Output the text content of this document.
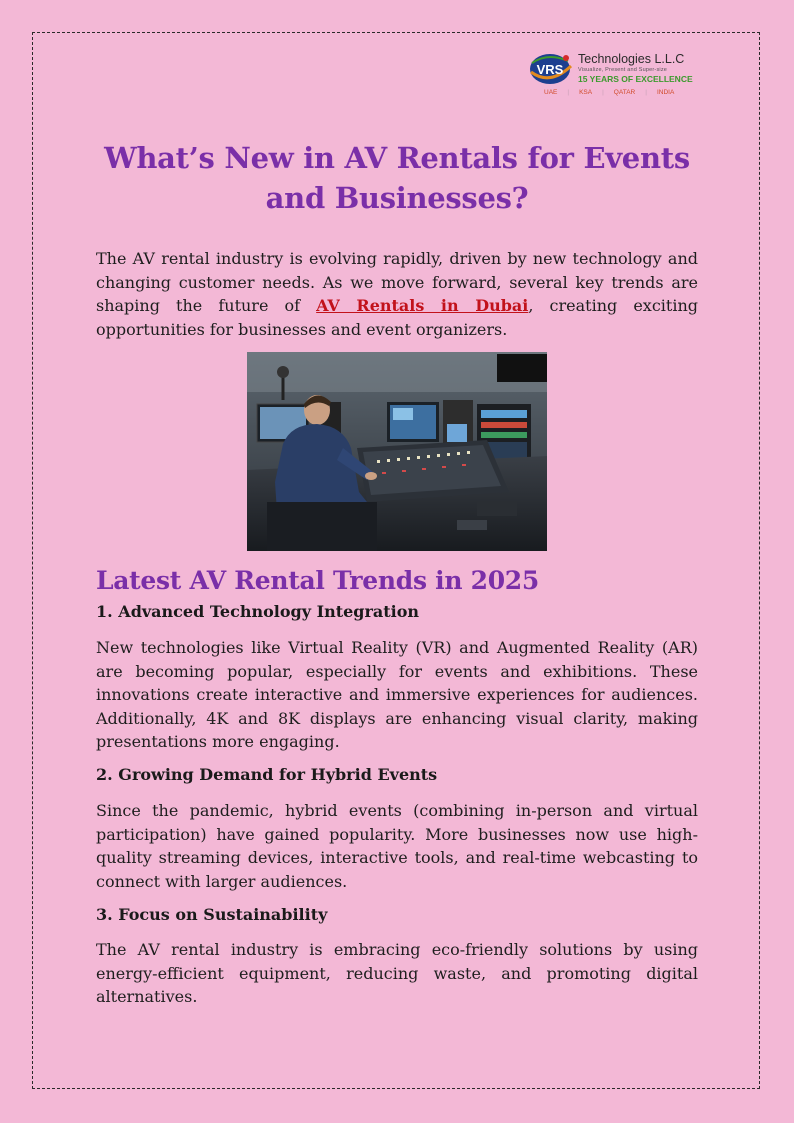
VRS
Technologies L.L.C
Visualize, Present and Super-size
15 YEARS OF EXCELLENCE
UAE | KSA | QATAR | INDIA
What’s New in AV Rentals for Events and Businesses?

The AV rental industry is evolving rapidly, driven by new technology and changing customer needs. As we move forward, several key trends are shaping the future of AV Rentals in Dubai, creating exciting opportunities for businesses and event organizers.

Latest AV Rental Trends in 2025
1. Advanced Technology Integration

New technologies like Virtual Reality (VR) and Augmented Reality (AR) are becoming popular, especially for events and exhibitions. These innovations create interactive and immersive experiences for audiences. Additionally, 4K and 8K displays are enhancing visual clarity, making presentations more engaging.

2. Growing Demand for Hybrid Events

Since the pandemic, hybrid events (combining in-person and virtual participation) have gained popularity. More businesses now use high-quality streaming devices, interactive tools, and real-time webcasting to connect with larger audiences.

3. Focus on Sustainability

The AV rental industry is embracing eco-friendly solutions by using energy-efficient equipment, reducing waste, and promoting digital alternatives.
